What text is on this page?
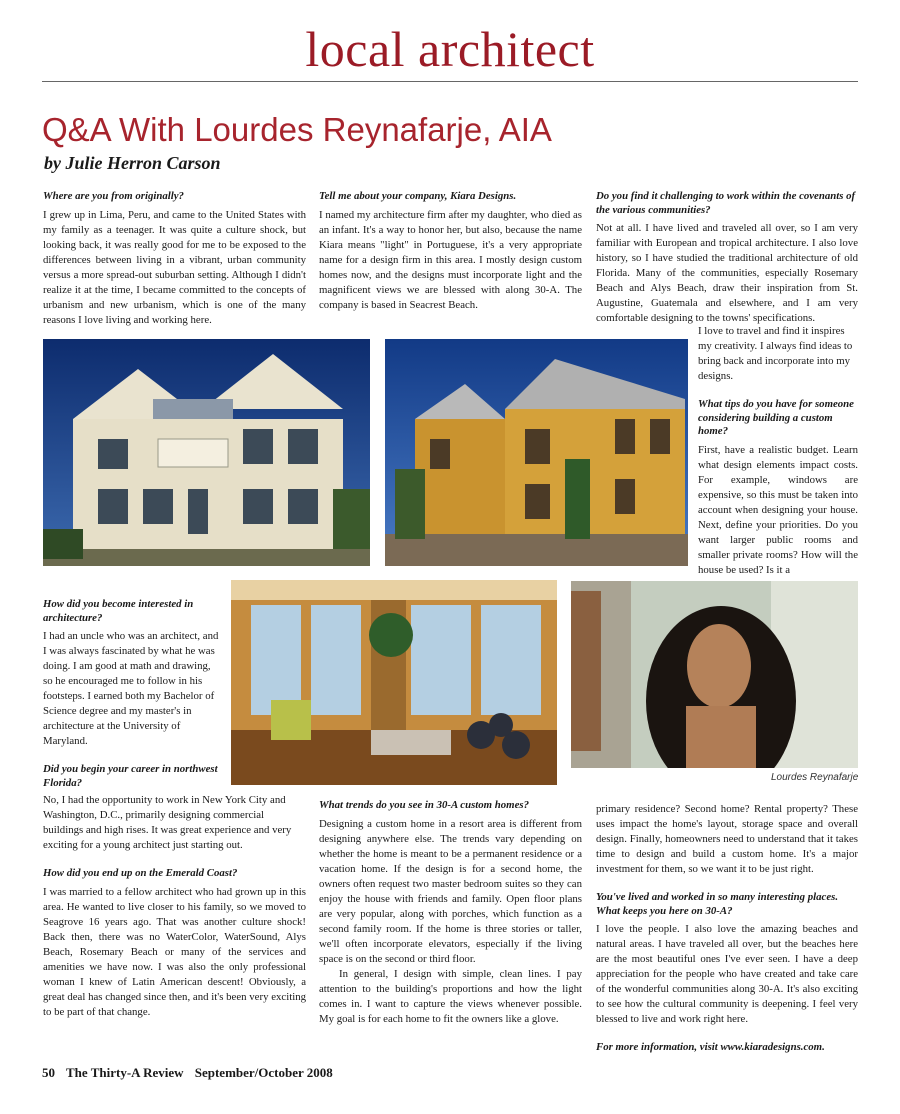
local architect
Q&A With Lourdes Reynafarje, AIA
by Julie Herron Carson

Where are you from originally?

I grew up in Lima, Peru, and came to the United States with my family as a teenager. It was quite a culture shock, but looking back, it was really good for me to be exposed to the differences between living in a vibrant, urban community versus a more spread-out suburban setting. Although I didn't realize it at the time, I became committed to the concepts of urbanism and new urbanism, which is one of the many reasons I love living and working here.

Tell me about your company, Kiara Designs.

I named my architecture firm after my daughter, who died as an infant. It's a way to honor her, but also, because the name Kiara means "light" in Portuguese, it's a very appropriate name for a design firm in this area. I mostly design custom homes now, and the designs must incorporate light and the magnificent views we are blessed with along 30-A. The company is based in Seacrest Beach.

Do you find it challenging to work within the covenants of the various communities?

Not at all. I have lived and traveled all over, so I am very familiar with European and tropical architecture. I also love history, so I have studied the traditional architecture of old Florida. Many of the communities, especially Rosemary Beach and Alys Beach, draw their inspiration from St. Augustine, Guatemala and elsewhere, and I am very comfortable designing to the towns' specifications.

I love to travel and find it inspires my creativity. I always find ideas to bring back and incorporate into my designs.

What tips do you have for someone considering building a custom home?

First, have a realistic budget. Learn what design elements impact costs. For example, windows are expensive, so this must be taken into account when designing your house. Next, define your priorities. Do you want larger public rooms and smaller private rooms? How will the house be used? Is it a

How did you become interested in architecture?

I had an uncle who was an architect, and I was always fascinated by what he was doing. I am good at math and drawing, so he encouraged me to follow in his footsteps. I earned both my Bachelor of Science degree and my master's in architecture at the University of Maryland.

Did you begin your career in northwest Florida?

No, I had the opportunity to work in New York City and Washington, D.C., primarily designing commercial buildings and high rises. It was great experience and very exciting for a young architect just starting out.

How did you end up on the Emerald Coast?

I was married to a fellow architect who had grown up in this area. He wanted to live closer to his family, so we moved to Seagrove 16 years ago. That was another culture shock! Back then, there was no WaterColor, WaterSound, Alys Beach, Rosemary Beach or many of the services and amenities we have now. I was also the only professional woman I knew of Latin American descent! Obviously, a great deal has changed since then, and it's been very exciting to be part of that change.

Lourdes Reynafarje

What trends do you see in 30-A custom homes?

Designing a custom home in a resort area is different from designing anywhere else. The trends vary depending on whether the home is meant to be a permanent residence or a vacation home. If the design is for a second home, the owners often request two master bedroom suites so they can enjoy the house with friends and family. Open floor plans are very popular, along with porches, which function as a second family room. If the home is three stories or taller, we'll often incorporate elevators, especially if the living space is on the second or third floor.

In general, I design with simple, clean lines. I pay attention to the building's proportions and how the light comes in. I want to capture the views whenever possible. My goal is for each home to fit the owners like a glove.

primary residence? Second home? Rental property? These uses impact the home's layout, storage space and overall design. Finally, homeowners need to understand that it takes time to design and build a custom home. It's a major investment for them, so we want it to be just right.

You've lived and worked in so many interesting places. What keeps you here on 30-A?

I love the people. I also love the amazing beaches and natural areas. I have traveled all over, but the beaches here are the most beautiful ones I've ever seen. I have a deep appreciation for the people who have created and take care of the wonderful communities along 30-A. It's also exciting to see how the cultural community is deepening. I feel very blessed to live and work right here.

For more information, visit www.kiaradesigns.com.

50 The Thirty-A Review September/October 2008
